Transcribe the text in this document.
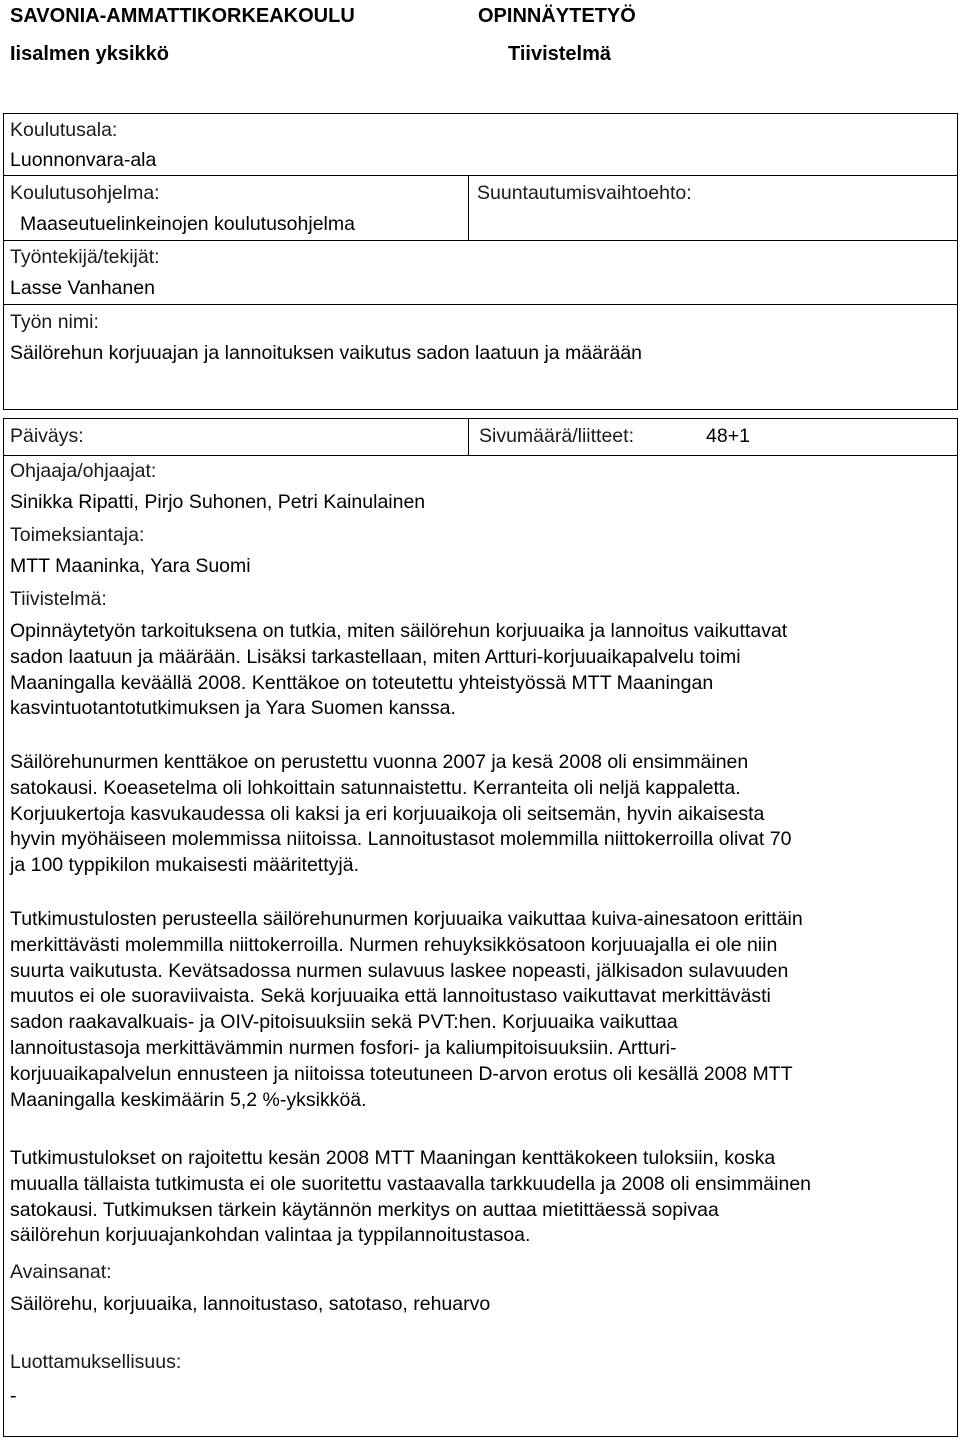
SAVONIA-AMMATTIKORKEAKOULU
Iisalmen yksikkö
OPINNÄYTETYÖ
Tiivistelmä
Koulutusala:
Luonnonvara-ala
Koulutusohjelma:
Maaseutuelinkeinojen koulutusohjelma
Suuntautumisvaihtoehto:
Työntekijä/tekijät:
Lasse Vanhanen
Työn nimi:
Säilörehun korjuuajan ja lannoituksen vaikutus sadon laatuun ja määrään
Päiväys:	Sivumäärä/liitteet:	48+1
Ohjaaja/ohjaajat:
Sinikka Ripatti, Pirjo Suhonen, Petri Kainulainen
Toimeksiantaja:
MTT Maaninka, Yara Suomi
Tiivistelmä:
Opinnäytetyön tarkoituksena on tutkia, miten säilörehun korjuuaika ja lannoitus vaikuttavat
sadon laatuun ja määrään. Lisäksi tarkastellaan, miten Artturi-korjuuaikapalvelu toimi
Maaningalla keväällä 2008. Kenttäkoe on toteutettu yhteistyössä MTT Maaningan
kasvintuotantotutkimuksen ja Yara Suomen kanssa.
Säilörehunurmen kenttäkoe on perustettu vuonna 2007 ja kesä 2008 oli ensimmäinen
satokausi. Koeasetelma oli lohkoittain satunnaistettu. Kerranteita oli neljä kappaletta.
Korjuukertoja kasvukaudessa oli kaksi ja eri korjuuaikoja oli seitsemän, hyvin aikaisesta
hyvin myöhäiseen molemmissa niitoissa. Lannoitustasot molemmilla niittokerroilla olivat 70
ja 100 typpikilon mukaisesti määritettyjä.
Tutkimustulosten perusteella säilörehunurmen korjuuaika vaikuttaa kuiva-ainesatoon erittäin
merkittävästi molemmilla niittokerroilla. Nurmen rehuyksikkösatoon korjuuajalla ei ole niin
suurta vaikutusta. Kevätsadossa nurmen sulavuus laskee nopeasti, jälkisadon sulavuuden
muutos ei ole suoraviivaista. Sekä korjuuaika että lannoitustaso vaikuttavat merkittävästi
sadon raakavalkuais- ja OIV-pitoisuuksiin sekä PVT:hen. Korjuuaika vaikuttaa
lannoitustasoja merkittävämmin nurmen fosfori- ja kaliumpitoisuuksiin. Artturi-
korjuuaikapalvelun ennusteen ja niitoissa toteutuneen D-arvon erotus oli kesällä 2008 MTT
Maaningalla keskimäärin 5,2 %-yksikköä.
Tutkimustulokset on rajoitettu kesän 2008 MTT Maaningan kenttäkokeen tuloksiin, koska
muualla tällaista tutkimusta ei ole suoritettu vastaavalla tarkkuudella ja 2008 oli ensimmäinen
satokausi. Tutkimuksen tärkein käytännön merkitys on auttaa mietittäessä sopivaa
säilörehun korjuuajankohdan valintaa ja typpilannoitustasoa.
Avainsanat:
Säilörehu, korjuuaika, lannoitustaso, satotaso, rehuarvo
Luottamuksellisuus:
-
